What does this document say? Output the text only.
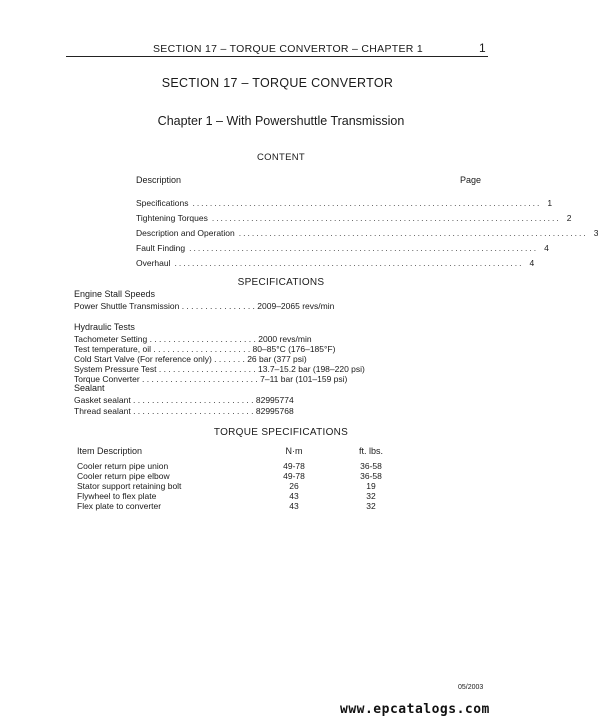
SECTION 17 – TORQUE CONVERTOR – CHAPTER 1	1
SECTION 17 – TORQUE CONVERTOR
Chapter 1 – With Powershuttle Transmission
CONTENT
Description	Page
Specifications ................................................................................ 1
Tightening Torques ................................................................................ 2
Description and Operation ................................................................................ 3
Fault Finding ................................................................................ 4
Overhaul ................................................................................ 4
SPECIFICATIONS
Engine Stall Speeds
Power Shuttle Transmission . . . . . . . . . . . . . . . . 2009–2065 revs/min
Hydraulic Tests
Tachometer Setting . . . . . . . . . . . . . . . . . . . . . . . 2000 revs/min
Test temperature, oil . . . . . . . . . . . . . . . . . . . . . 80–85°C (176–185°F)
Cold Start Valve (For reference only) . . . . . . . 26 bar (377 psi)
System Pressure Test . . . . . . . . . . . . . . . . . . . . . 13.7–15.2 bar (198–220 psi)
Torque Converter . . . . . . . . . . . . . . . . . . . . . . . . . 7–11 bar (101–159 psi)
Sealant
Gasket sealant . . . . . . . . . . . . . . . . . . . . . . . . . . 82995774
Thread sealant . . . . . . . . . . . . . . . . . . . . . . . . . . 82995768
TORQUE SPECIFICATIONS
Item Description	N·m	ft. lbs.
Cooler return pipe union	49-78	36-58
Cooler return pipe elbow	49-78	36-58
Stator support retaining bolt	26	19
Flywheel to flex plate	43	32
Flex plate to converter	43	32
05/2003
www.epcatalogs.com
